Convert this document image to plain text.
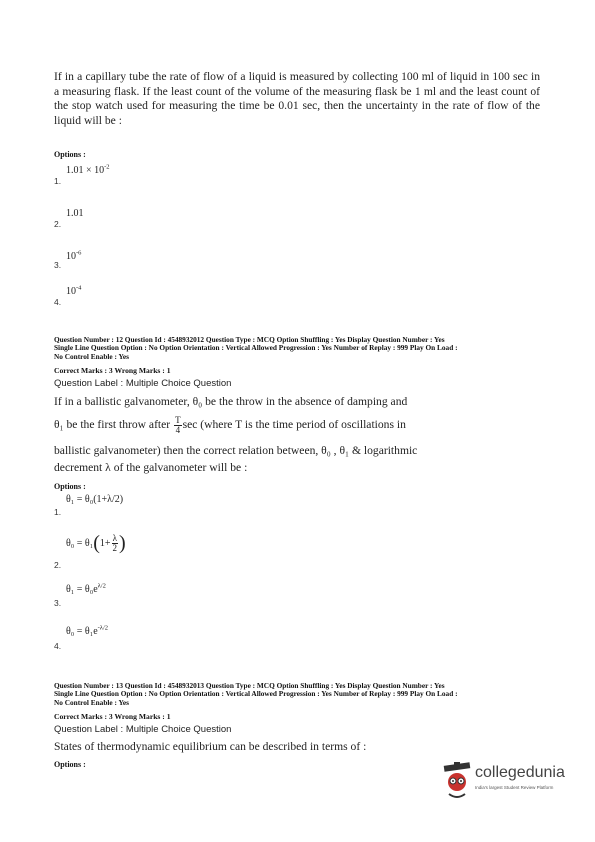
If in a capillary tube the rate of flow of a liquid is measured by collecting 100 ml of liquid in 100 sec in a measuring flask. If the least count of the volume of the measuring flask be 1 ml and the least count of the stop watch used for measuring the time be 0.01 sec, then the uncertainty in the rate of flow of the liquid will be :
Options :
$1.01 \times 10^{-2}$
1.
1.01
2.
$10^{-6}$
3.
$10^{-4}$
4.
Question Number : 12 Question Id : 4548932012 Question Type : MCQ Option Shuffling : Yes Display Question Number : Yes
Single Line Question Option : No Option Orientation : Vertical Allowed Progression : Yes Number of Replay : 999 Play On Load :
No Control Enable : Yes
Correct Marks : 3 Wrong Marks : 1
Question Label : Multiple Choice Question
If in a ballistic galvanometer, θ₀ be the throw in the absence of damping and
θ₁ be the first throw after $\frac{T}{4}$ sec (where T is the time period of oscillations in
ballistic galvanometer) then the correct relation between, θ₀ , θ₁ & logarithmic
decrement λ of the galvanometer will be :
Options :
θ₁ = θ₀(1+λ/2)
1.
$\theta_0 = \theta_1(1+ \frac{\lambda}{2}$ )
2.
$\theta_1 = \theta_0e^{\lambda/2}$
3.
$\theta_0 = \theta_1e^{-\lambda/2}$
4.
Question Number : 13 Question Id : 4548932013 Question Type : MCQ Option Shuffling : Yes Display Question Number : Yes
Single Line Question Option : No Option Orientation : Vertical Allowed Progression : Yes Number of Replay : 999 Play On Load :
No Control Enable : Yes
Correct Marks : 3 Wrong Marks : 1
Question Label : Multiple Choice Question
States of thermodynamic equilibrium can be described in terms of :
Options :	collegedunia
India's largest Student Review Platform
